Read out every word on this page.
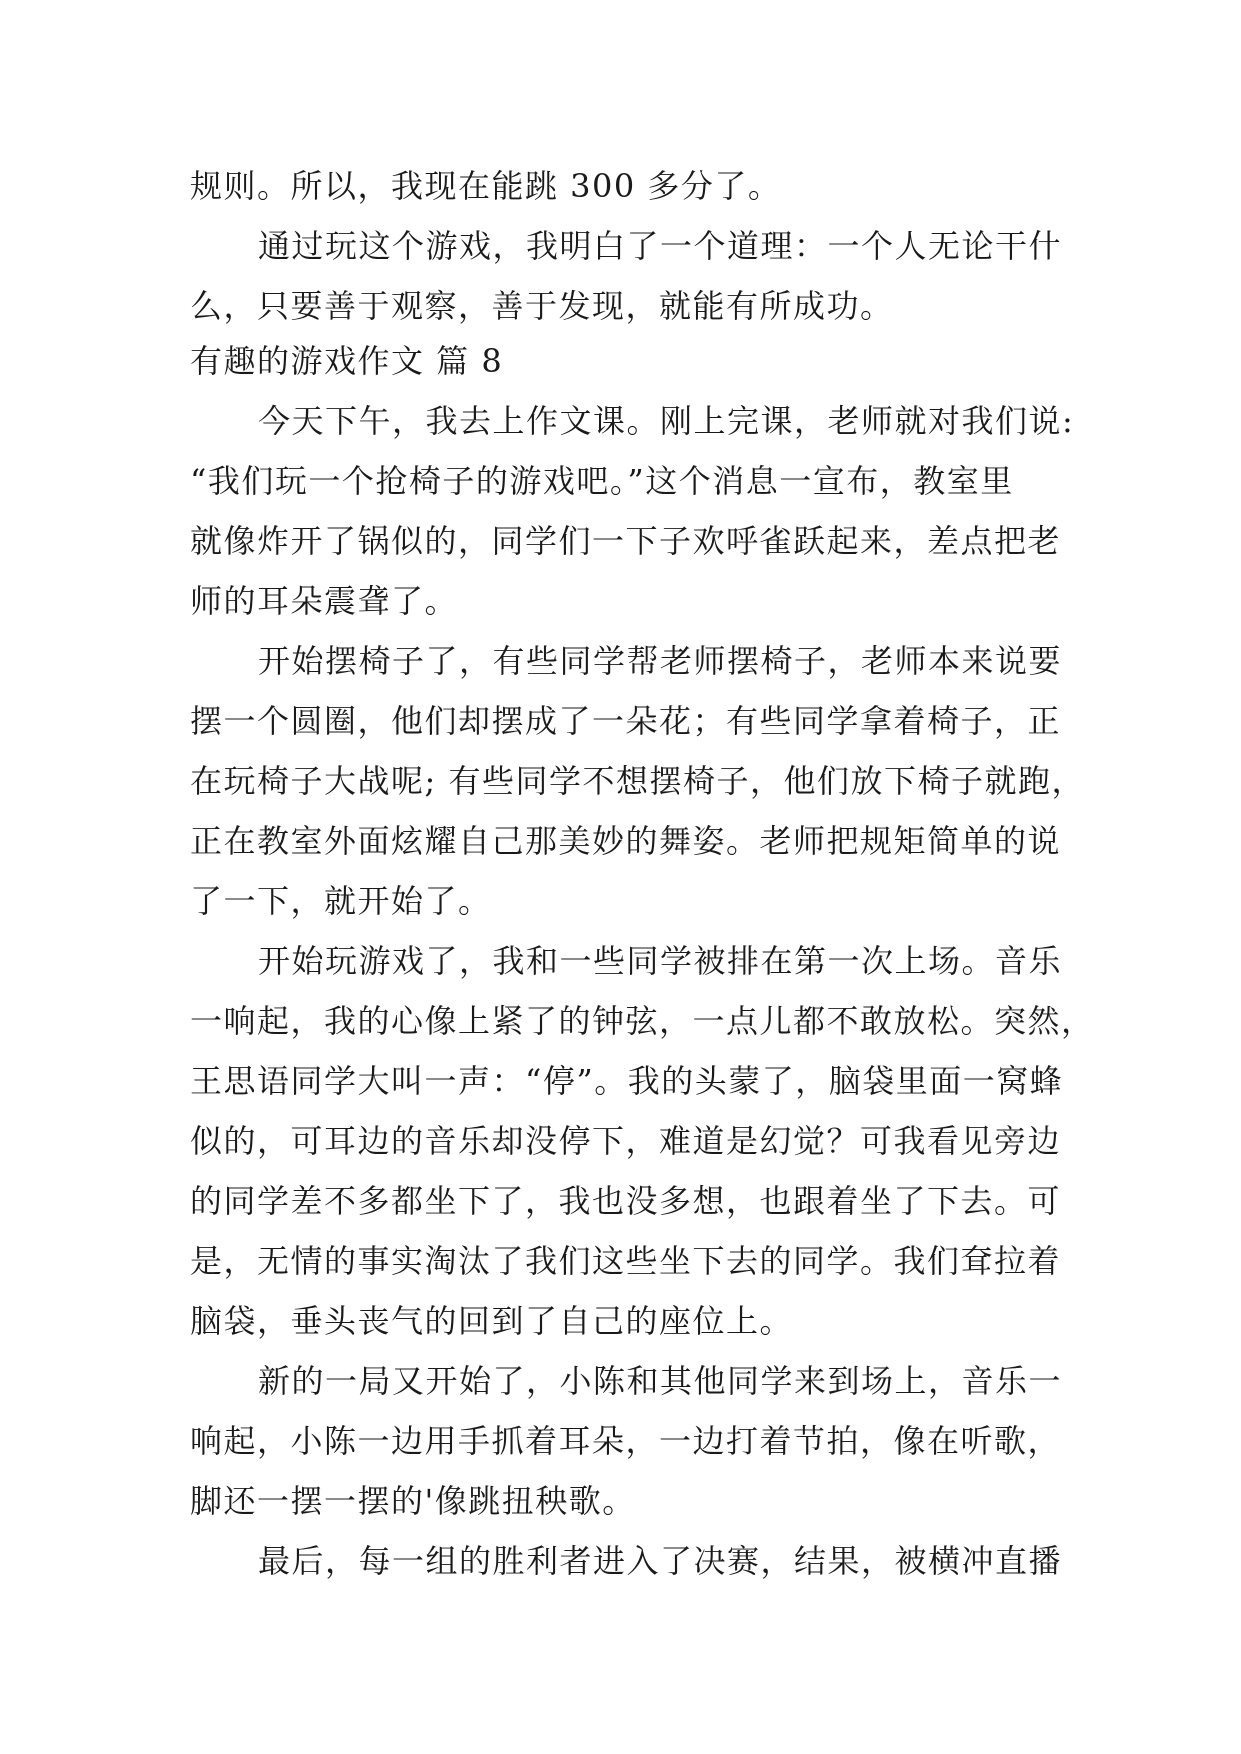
规则。所以，我现在能跳 300 多分了。
通过玩这个游戏，我明白了一个道理：一个人无论干什
么，只要善于观察，善于发现，就能有所成功。
有趣的游戏作文 篇 8
今天下午，我去上作文课。刚上完课，老师就对我们说:
“我们玩一个抢椅子的游戏吧。”这个消息一宣布，教室里
就像炸开了锅似的，同学们一下子欢呼雀跃起来，差点把老
师的耳朵震聋了。
开始摆椅子了，有些同学帮老师摆椅子，老师本来说要
摆一个圆圈，他们却摆成了一朵花；有些同学拿着椅子，正
在玩椅子大战呢; 有些同学不想摆椅子，他们放下椅子就跑，
正在教室外面炫耀自己那美妙的舞姿。老师把规矩简单的说
了一下，就开始了。
开始玩游戏了，我和一些同学被排在第一次上场。音乐
一响起，我的心像上紧了的钟弦，一点儿都不敢放松。突然，
王思语同学大叫一声：“停”。我的头蒙了，脑袋里面一窝蜂
似的，可耳边的音乐却没停下，难道是幻觉？可我看见旁边
的同学差不多都坐下了，我也没多想，也跟着坐了下去。可
是，无情的事实淘汰了我们这些坐下去的同学。我们耷拉着
脑袋，垂头丧气的回到了自己的座位上。
新的一局又开始了，小陈和其他同学来到场上，音乐一
响起，小陈一边用手抓着耳朵，一边打着节拍，像在听歌，
脚还一摆一摆的'像跳扭秧歌。
最后，每一组的胜利者进入了决赛，结果，被横冲直播
